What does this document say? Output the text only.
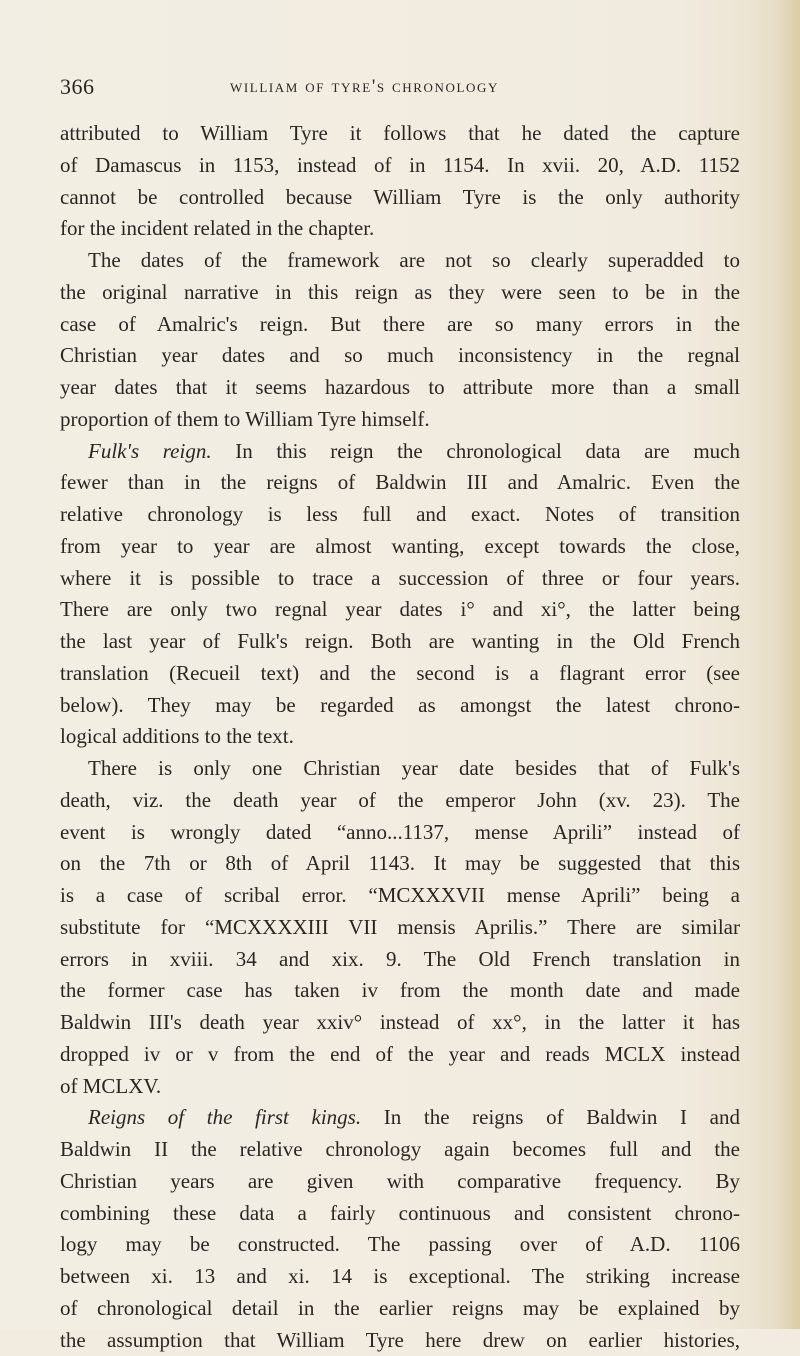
366	william of tyre's chronology
attributed to William Tyre it follows that he dated the capture
of Damascus in 1153, instead of in 1154. In xvii. 20, A.D. 1152
cannot be controlled because William Tyre is the only authority
for the incident related in the chapter.
The dates of the framework are not so clearly superadded to
the original narrative in this reign as they were seen to be in the
case of Amalric's reign. But there are so many errors in the
Christian year dates and so much inconsistency in the regnal
year dates that it seems hazardous to attribute more than a small
proportion of them to William Tyre himself.
Fulk's reign. In this reign the chronological data are much
fewer than in the reigns of Baldwin III and Amalric. Even the
relative chronology is less full and exact. Notes of transition
from year to year are almost wanting, except towards the close,
where it is possible to trace a succession of three or four years.
There are only two regnal year dates i° and xi°, the latter being
the last year of Fulk's reign. Both are wanting in the Old French
translation (Recueil text) and the second is a flagrant error (see
below). They may be regarded as amongst the latest chrono-
logical additions to the text.
There is only one Christian year date besides that of Fulk's
death, viz. the death year of the emperor John (xv. 23). The
event is wrongly dated “anno...1137, mense Aprili” instead of
on the 7th or 8th of April 1143. It may be suggested that this
is a case of scribal error. “MCXXXVII mense Aprili” being a
substitute for “MCXXXXIII VII mensis Aprilis.” There are similar
errors in xviii. 34 and xix. 9. The Old French translation in
the former case has taken iv from the month date and made
Baldwin III's death year xxiv° instead of xx°, in the latter it has
dropped iv or v from the end of the year and reads MCLX instead
of MCLXV.
Reigns of the first kings. In the reigns of Baldwin I and
Baldwin II the relative chronology again becomes full and the
Christian years are given with comparative frequency. By
combining these data a fairly continuous and consistent chrono-
logy may be constructed. The passing over of A.D. 1106
between xi. 13 and xi. 14 is exceptional. The striking increase
of chronological detail in the earlier reigns may be explained by
the assumption that William Tyre here drew on earlier histories,
